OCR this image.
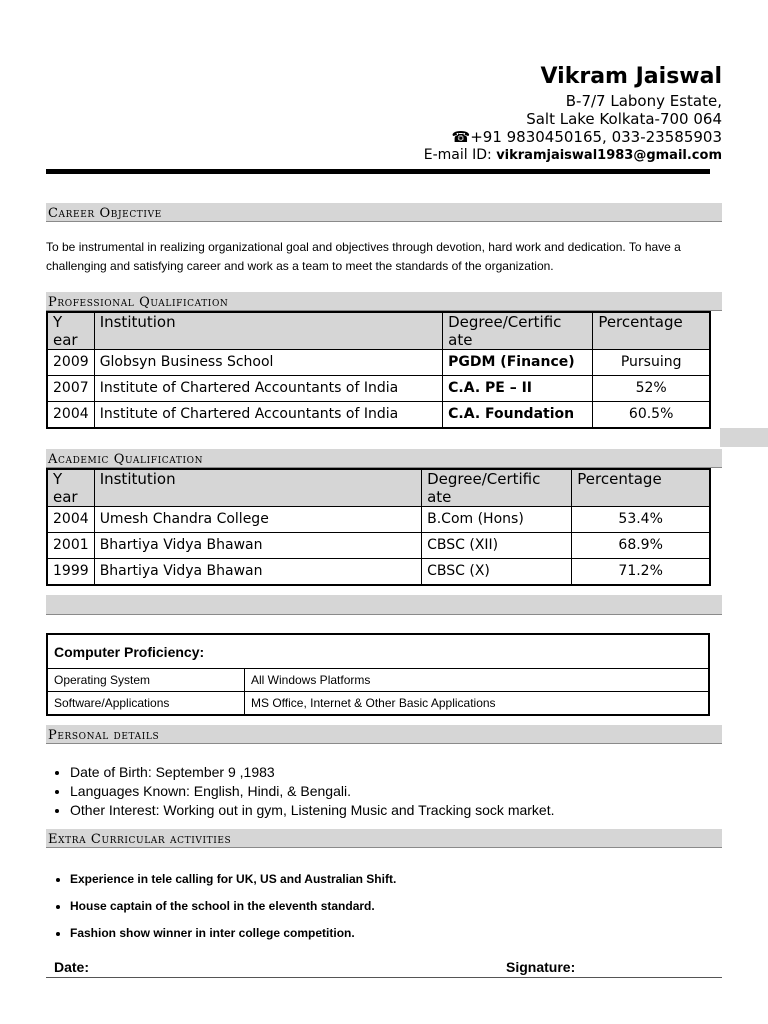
Vikram Jaiswal
B-7/7 Labony Estate,
Salt Lake Kolkata-700 064
☎+91 9830450165, 033-23585903
E-mail ID: vikramjaiswal1983@gmail.com
Career Objective
To be instrumental in realizing organizational goal and objectives through devotion, hard work and dedication. To have a challenging and satisfying career and work as a team to meet the standards of the organization.
Professional Qualification
Y ear	Institution	Degree/Certific ate	Percentage
2009	Globsyn Business School	PGDM (Finance)	Pursuing
2007	Institute of Chartered Accountants of India	C.A. PE – II	52%
2004	Institute of Chartered Accountants of India	C.A. Foundation	60.5%
Academic Qualification
Y ear	Institution	Degree/Certific ate	Percentage
2004	Umesh Chandra College	B.Com (Hons)	53.4%
2001	Bhartiya Vidya Bhawan	CBSC (XII)	68.9%
1999	Bhartiya Vidya Bhawan	CBSC (X)	71.2%
Computer Proficiency:	
Operating System	All Windows Platforms
Software/Applications	MS Office, Internet & Other Basic Applications
Personal details
• Date of Birth: September 9 ,1983
• Languages Known: English, Hindi, & Bengali.
• Other Interest: Working out in gym, Listening Music and Tracking sock market.
Extra Curricular activities
• Experience in tele calling for UK, US and Australian Shift.
• House captain of the school in the eleventh standard.
• Fashion show winner in inter college competition.
Date:	Signature:
